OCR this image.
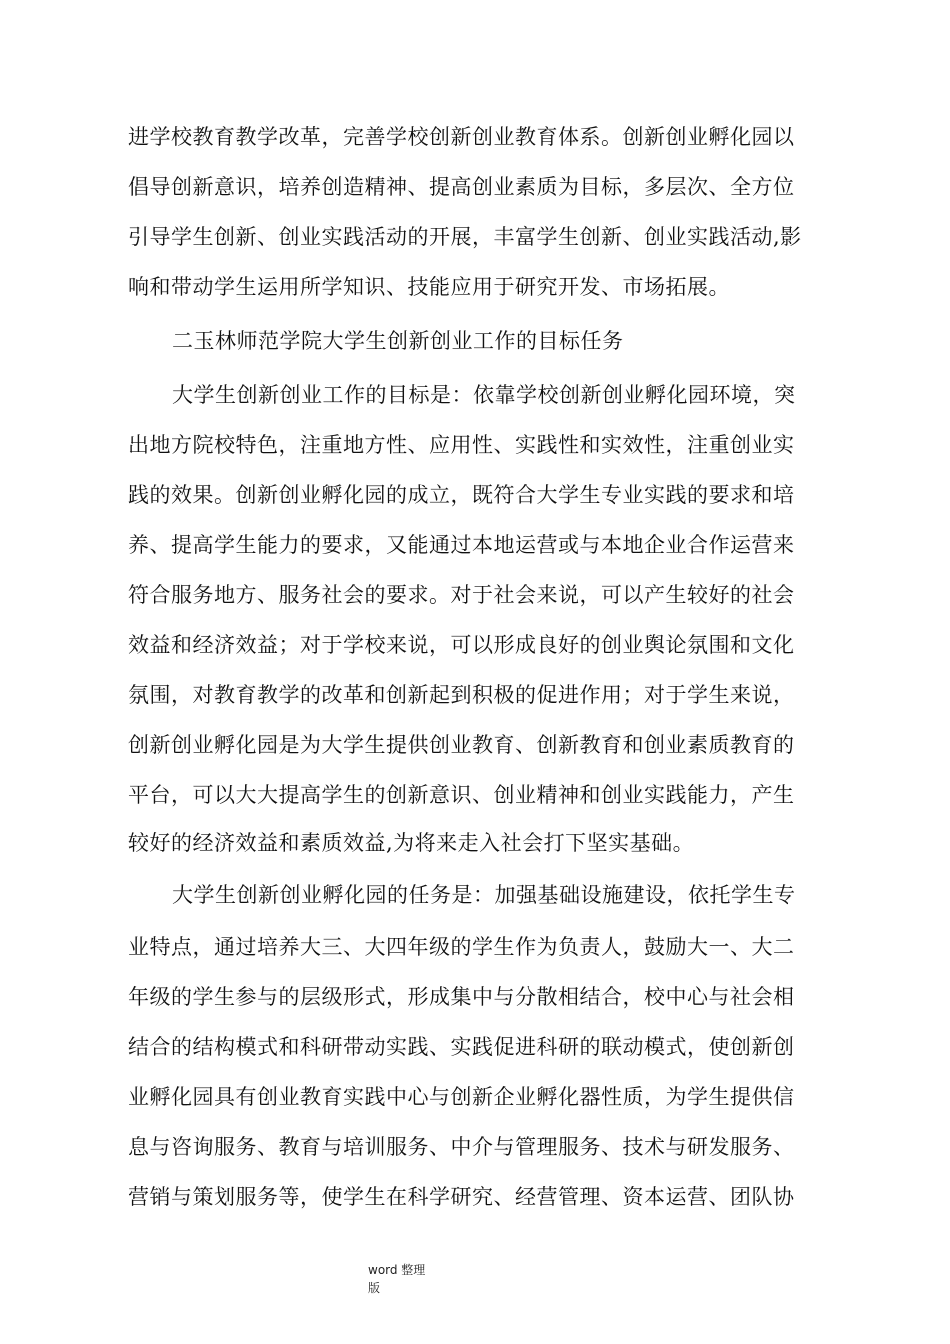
进学校教育教学改革，完善学校创新创业教育体系。创新创业孵化园以
倡导创新意识，培养创造精神、提高创业素质为目标，多层次、全方位
引导学生创新、创业实践活动的开展，丰富学生创新、创业实践活动,影
响和带动学生运用所学知识、技能应用于研究开发、市场拓展。
二玉林师范学院大学生创新创业工作的目标任务
大学生创新创业工作的目标是：依靠学校创新创业孵化园环境，突
出地方院校特色，注重地方性、应用性、实践性和实效性，注重创业实
践的效果。创新创业孵化园的成立，既符合大学生专业实践的要求和培
养、提高学生能力的要求，又能通过本地运营或与本地企业合作运营来
符合服务地方、服务社会的要求。对于社会来说，可以产生较好的社会
效益和经济效益；对于学校来说，可以形成良好的创业舆论氛围和文化
氛围，对教育教学的改革和创新起到积极的促进作用；对于学生来说，
创新创业孵化园是为大学生提供创业教育、创新教育和创业素质教育的
平台，可以大大提高学生的创新意识、创业精神和创业实践能力，产生
较好的经济效益和素质效益,为将来走入社会打下坚实基础。
大学生创新创业孵化园的任务是：加强基础设施建设，依托学生专
业特点，通过培养大三、大四年级的学生作为负责人，鼓励大一、大二
年级的学生参与的层级形式，形成集中与分散相结合，校中心与社会相
结合的结构模式和科研带动实践、实践促进科研的联动模式，使创新创
业孵化园具有创业教育实践中心与创新企业孵化器性质，为学生提供信
息与咨询服务、教育与培训服务、中介与管理服务、技术与研发服务、
营销与策划服务等，使学生在科学研究、经营管理、资本运营、团队协
word 整理
版
